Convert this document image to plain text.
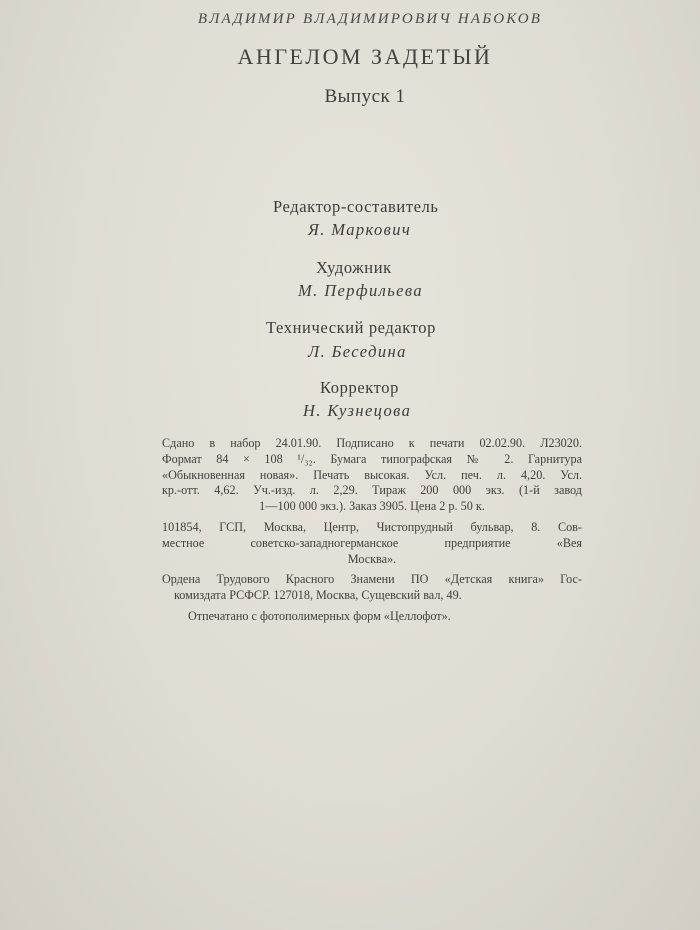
ВЛАДИМИР ВЛАДИМИРОВИЧ НАБОКОВ

АНГЕЛОМ ЗАДЕТЫЙ

Выпуск 1

Редактор-составитель

Я. Маркович

Художник

М. Перфильева

Технический редактор

Л. Беседина

Корректор

Н. Кузнецова

Сдано в набор 24.01.90. Подписано к печати 02.02.90. Л23020.

Формат 84 × 108 ¹/₃₂. Бумага типографская № 2. Гарнитура

«Обыкновенная новая». Печать высокая. Усл. печ. л. 4,20. Усл.

кр.-отт. 4,62. Уч.-изд. л. 2,29. Тираж 200 000 экз. (1-й завод

1—100 000 экз.). Заказ 3905. Цена 2 р. 50 к.

101854, ГСП, Москва, Центр, Чистопрудный бульвар, 8. Сов-

местное советско-западногерманское предприятие «Вея

Москва».

Ордена Трудового Красного Знамени ПО «Детская книга» Гос-

комиздата РСФСР. 127018, Москва, Сущевский вал, 49.

Отпечатано с фотополимерных форм «Целлофот».
